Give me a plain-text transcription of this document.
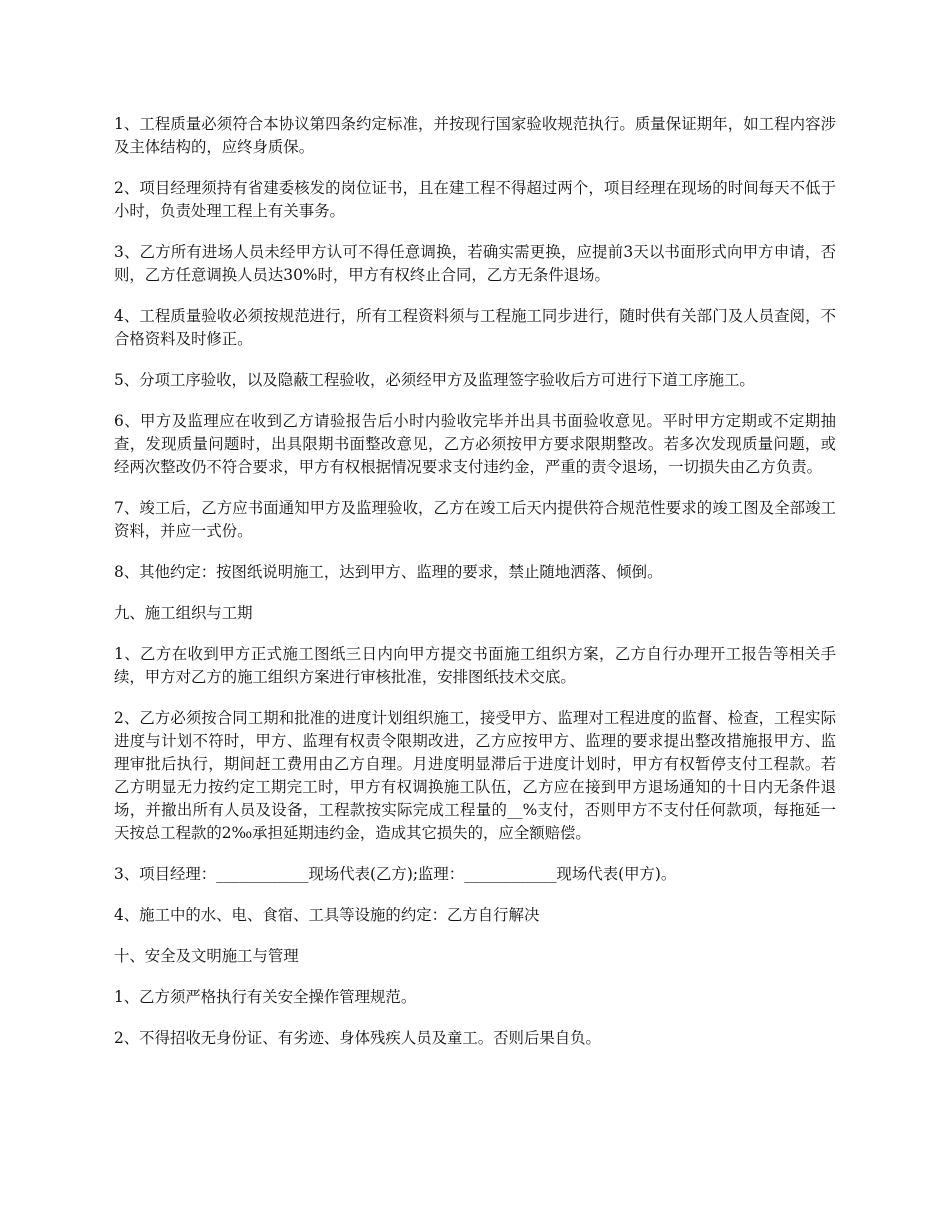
1、工程质量必须符合本协议第四条约定标准，并按现行国家验收规范执行。质量保证期年，如工程内容涉及主体结构的，应终身质保。

2、项目经理须持有省建委核发的岗位证书，且在建工程不得超过两个，项目经理在现场的时间每天不低于小时，负责处理工程上有关事务。

3、乙方所有进场人员未经甲方认可不得任意调换，若确实需更换，应提前3天以书面形式向甲方申请，否则，乙方任意调换人员达30%时，甲方有权终止合同，乙方无条件退场。

4、工程质量验收必须按规范进行，所有工程资料须与工程施工同步进行，随时供有关部门及人员查阅，不合格资料及时修正。

5、分项工序验收，以及隐蔽工程验收，必须经甲方及监理签字验收后方可进行下道工序施工。

6、甲方及监理应在收到乙方请验报告后小时内验收完毕并出具书面验收意见。平时甲方定期或不定期抽查，发现质量问题时，出具限期书面整改意见，乙方必须按甲方要求限期整改。若多次发现质量问题，或经两次整改仍不符合要求，甲方有权根据情况要求支付违约金，严重的责令退场，一切损失由乙方负责。

7、竣工后，乙方应书面通知甲方及监理验收，乙方在竣工后天内提供符合规范性要求的竣工图及全部竣工资料，并应一式份。

8、其他约定：按图纸说明施工，达到甲方、监理的要求，禁止随地洒落、倾倒。

九、施工组织与工期

1、乙方在收到甲方正式施工图纸三日内向甲方提交书面施工组织方案，乙方自行办理开工报告等相关手续，甲方对乙方的施工组织方案进行审核批准，安排图纸技术交底。

2、乙方必须按合同工期和批准的进度计划组织施工，接受甲方、监理对工程进度的监督、检查，工程实际进度与计划不符时，甲方、监理有权责令限期改进，乙方应按甲方、监理的要求提出整改措施报甲方、监理审批后执行，期间赶工费用由乙方自理。月进度明显滞后于进度计划时，甲方有权暂停支付工程款。若乙方明显无力按约定工期完工时，甲方有权调换施工队伍，乙方应在接到甲方退场通知的十日内无条件退场，并撤出所有人员及设备，工程款按实际完成工程量的__%支付，否则甲方不支付任何款项，每拖延一天按总工程款的2‰承担延期违约金，造成其它损失的，应全额赔偿。

3、项目经理：____________现场代表(乙方);监理：____________现场代表(甲方)。

4、施工中的水、电、食宿、工具等设施的约定：乙方自行解决

十、安全及文明施工与管理

1、乙方须严格执行有关安全操作管理规范。

2、不得招收无身份证、有劣迹、身体残疾人员及童工。否则后果自负。
